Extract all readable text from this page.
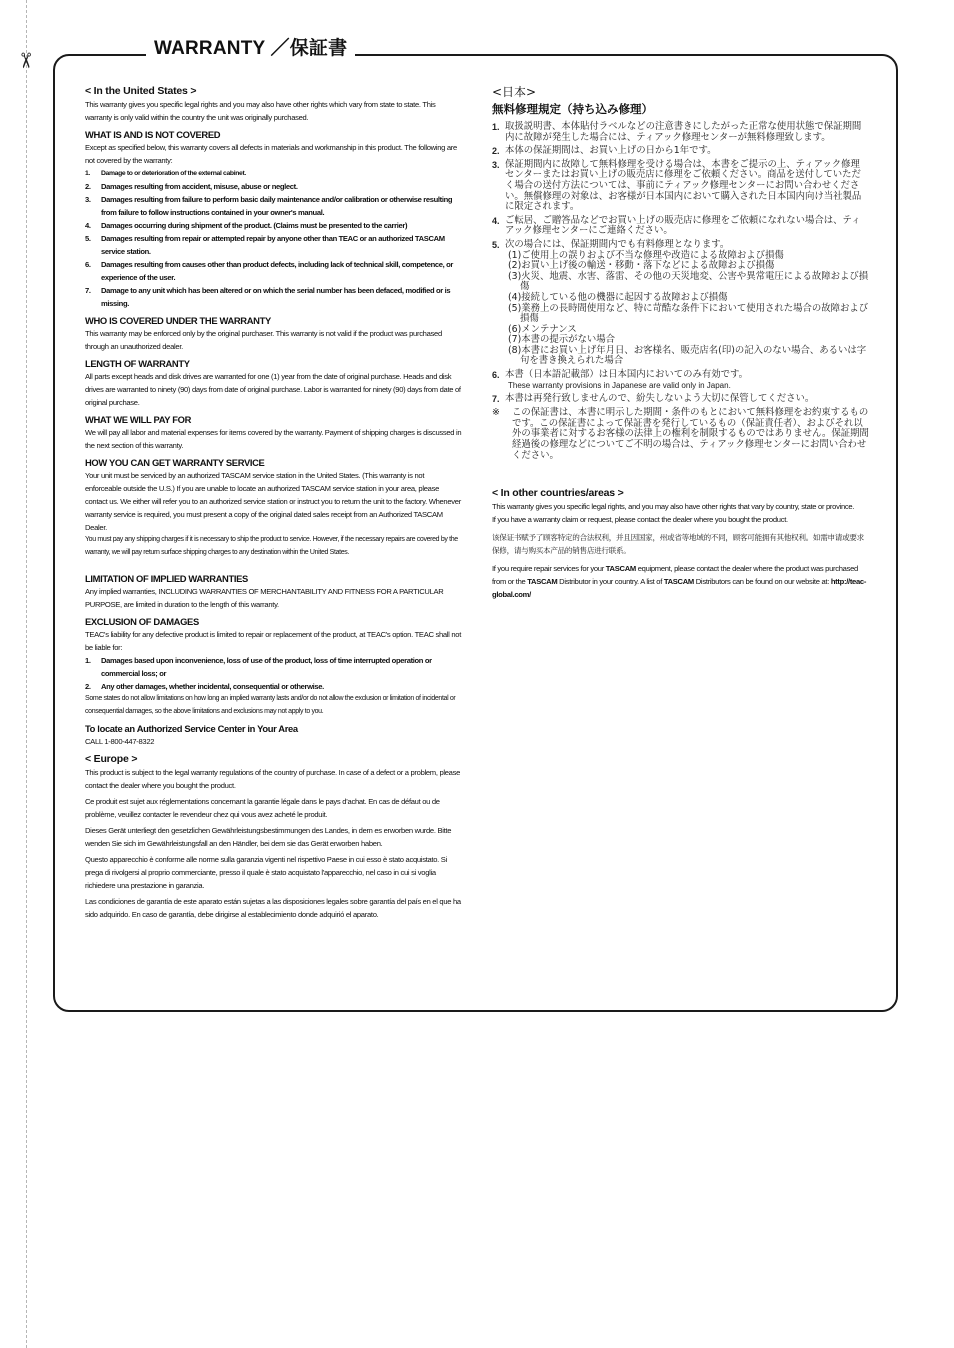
✂
WARRANTY ／保証書

< In the United States >

This warranty gives you specific legal rights and you may also have other rights which vary from state to state. This warranty is only valid within the country the unit was originally purchased.

WHAT IS AND IS NOT COVERED

Except as specified below, this warranty covers all defects in materials and workmanship in this product. The following are not covered by the warranty:

1. Damage to or deterioration of the external cabinet.
2. Damages resulting from accident, misuse, abuse or neglect.
3. Damages resulting from failure to perform basic daily maintenance and/or calibration or otherwise resulting from failure to follow instructions contained in your owner's manual.
4. Damages occurring during shipment of the product. (Claims must be presented to the carrier)
5. Damages resulting from repair or attempted repair by anyone other than TEAC or an authorized TASCAM service station.
6. Damages resulting from causes other than product defects, including lack of technical skill, competence, or experience of the user.
7. Damage to any unit which has been altered or on which the serial number has been defaced, modified or is missing.
WHO IS COVERED UNDER THE WARRANTY

This warranty may be enforced only by the original purchaser. This warranty is not valid if the product was purchased through an unauthorized dealer.

LENGTH OF WARRANTY

All parts except heads and disk drives are warranted for one (1) year from the date of original purchase. Heads and disk drives are warranted to ninety (90) days from date of original purchase. Labor is warranted for ninety (90) days from date of original purchase.

WHAT WE WILL PAY FOR

We will pay all labor and material expenses for items covered by the warranty. Payment of shipping charges is discussed in the next section of this warranty.

HOW YOU CAN GET WARRANTY SERVICE

Your unit must be serviced by an authorized TASCAM service station in the United States. (This warranty is not enforceable outside the U.S.) If you are unable to locate an authorized TASCAM service station in your area, please contact us. We either will refer you to an authorized service station or instruct you to return the unit to the factory. Whenever warranty service is required, you must present a copy of the original dated sales receipt from an Authorized TASCAM Dealer.

You must pay any shipping charges if it is necessary to ship the product to service. However, if the necessary repairs are covered by the warranty, we will pay return surface shipping charges to any destination within the United States.

LIMITATION OF IMPLIED WARRANTIES

Any implied warranties, INCLUDING WARRANTIES OF MERCHANTABILITY AND FITNESS FOR A PARTICULAR PURPOSE, are limited in duration to the length of this warranty.

EXCLUSION OF DAMAGES

TEAC's liability for any defective product is limited to repair or replacement of the product, at TEAC's option. TEAC shall not be liable for:

1. Damages based upon inconvenience, loss of use of the product, loss of time interrupted operation or commercial loss; or
2. Any other damages, whether incidental, consequential or otherwise.

Some states do not allow limitations on how long an implied warranty lasts and/or do not allow the exclusion or limitation of incidental or consequential damages, so the above limitations and exclusions may not apply to you.

To locate an Authorized Service Center in Your Area

CALL 1-800-447-8322

< Europe >

This product is subject to the legal warranty regulations of the country of purchase. In case of a defect or a problem, please contact the dealer where you bought the product.

Ce produit est sujet aux réglementations concernant la garantie légale dans le pays d’achat. En cas de défaut ou de problème, veuillez contacter le revendeur chez qui vous avez acheté le produit.

Dieses Gerät unterliegt den gesetzlichen Gewährleistungsbestimmungen des Landes, in dem es erworben wurde. Bitte wenden Sie sich im Gewährleistungsfall an den Händler, bei dem sie das Gerät erworben haben.

Questo apparecchio è conforme alle norme sulla garanzia vigenti nel rispettivo Paese in cui esso è stato acquistato. Si prega di rivolgersi al proprio commerciante, presso il quale è stato acquistato l'apparecchio, nel caso in cui si voglia richiedere una prestazione in garanzia.

Las condiciones de garantía de este aparato están sujetas a las disposiciones legales sobre garantía del país en el que ha sido adquirido. En caso de garantía, debe dirigirse al establecimiento donde adquirió el aparato.

<日本>
無料修理規定（持ち込み修理）
1. 取扱説明書、本体貼付ラベルなどの注意書きにしたがった正常な使用状態で保証期間内に故障が発生した場合には、ティアック修理センターが無料修理致します。
2. 本体の保証期間は、お買い上げの日から1年です。
3. 保証期間内に故障して無料修理を受ける場合は、本書をご提示の上、ティアック修理センターまたはお買い上げの販売店に修理をご依頼ください。商品を送付していただく場合の送付方法については、事前にティアック修理センターにお問い合わせください。無償修理の対象は、お客様が日本国内において購入された日本国内向け当社製品に限定されます。
4. ご転居、ご贈答品などでお買い上げの販売店に修理をご依頼になれない場合は、ティアック修理センターにご連絡ください。
5. 次の場合には、保証期間内でも有料修理となります。
(1)ご使用上の誤りおよび不当な修理や改造による故障および損傷
(2)お買い上げ後の輸送・移動・落下などによる故障および損傷
(3)火災、地震、水害、落雷、その他の天災地変、公害や異常電圧による故障および損傷
(4)接続している他の機器に起因する故障および損傷
(5)業務上の長時間使用など、特に苛酷な条件下において使用された場合の故障および損傷
(6)メンテナンス
(7)本書の提示がない場合
(8)本書にお買い上げ年月日、お客様名、販売店名(印)の記入のない場合、あるいは字句を書き換えられた場合
6. 本書（日本語記載部）は日本国内においてのみ有効です。
These warranty provisions in Japanese are valid only in Japan.
7. 本書は再発行致しませんので、紛失しないよう大切に保管してください。
※ この保証書は、本書に明示した期間・条件のもとにおいて無料修理をお約束するものです。この保証書によって保証書を発行しているもの（保証責任者）、およびそれ以外の事業者に対するお客様の法律上の権利を制限するものではありません。保証期間経過後の修理などについてご不明の場合は、ティアック修理センターにお問い合わせください。

< In other countries/areas >

This warranty gives you specific legal rights, and you may also have other rights that vary by country, state or province.

If you have a warranty claim or request, please contact the dealer where you bought the product.

该保证书赋予了顾客特定的合法权利，并且因国家，州或省等地域的不同，顾客可能拥有其他权利。如需申请或要求保修，请与购买本产品的销售店进行联系。

If you require repair services for your TASCAM equipment, please contact the dealer where the product was purchased from or the TASCAM Distributor in your country. A list of TASCAM Distributors can be found on our website at: http://teac-global.com/
